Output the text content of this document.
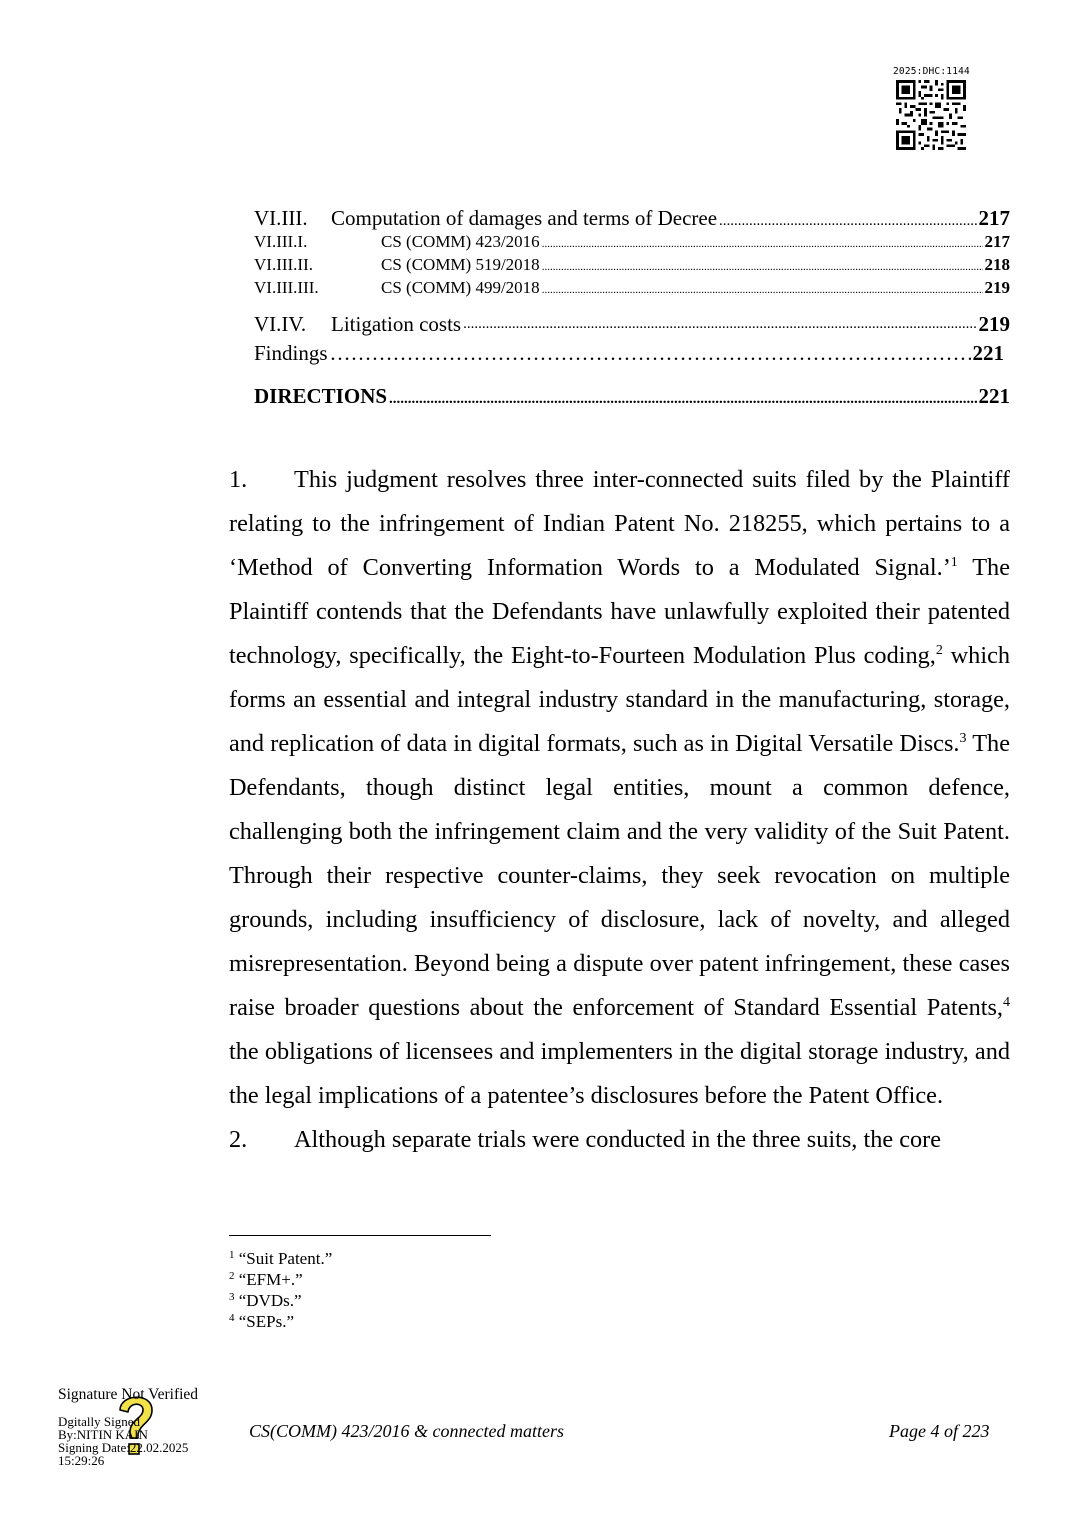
2025:DHC:1144
VI.III.	Computation of damages and terms of Decree .....	217
VI.III.I.	CS (COMM) 423/2016 .....	217
VI.III.II.	CS (COMM) 519/2018 .....	218
VI.III.III.	CS (COMM) 499/2018 .....	219
VI.IV.	Litigation costs .....	219
Findings ………………………………………………………………………………………………………………………………	221
DIRECTIONS .....	221

1. This judgment resolves three inter-connected suits filed by the Plaintiff relating to the infringement of Indian Patent No. 218255, which pertains to a ‘Method of Converting Information Words to a Modulated Signal.’$^1$ The Plaintiff contends that the Defendants have unlawfully exploited their patented technology, specifically, the Eight-to-Fourteen Modulation Plus coding,$^2$ which forms an essential and integral industry standard in the manufacturing, storage, and replication of data in digital formats, such as in Digital Versatile Discs.$^3$ The Defendants, though distinct legal entities, mount a common defence, challenging both the infringement claim and the very validity of the Suit Patent. Through their respective counter-claims, they seek revocation on multiple grounds, including insufficiency of disclosure, lack of novelty, and alleged misrepresentation. Beyond being a dispute over patent infringement, these cases raise broader questions about the enforcement of Standard Essential Patents,$^4$ the obligations of licensees and implementers in the digital storage industry, and the legal implications of a patentee’s disclosures before the Patent Office.

2. Although separate trials were conducted in the three suits, the core

$^1$ “Suit Patent.”
$^2$ “EFM+.”
$^3$ “DVDs.”
$^4$ “SEPs.”
Signature Not Verified
Dgitally Signed
By:NITIN KAIN
Signing Date:22.02.2025
15:29:26
CS(COMM) 423/2016 & connected matters	Page 4 of 223
